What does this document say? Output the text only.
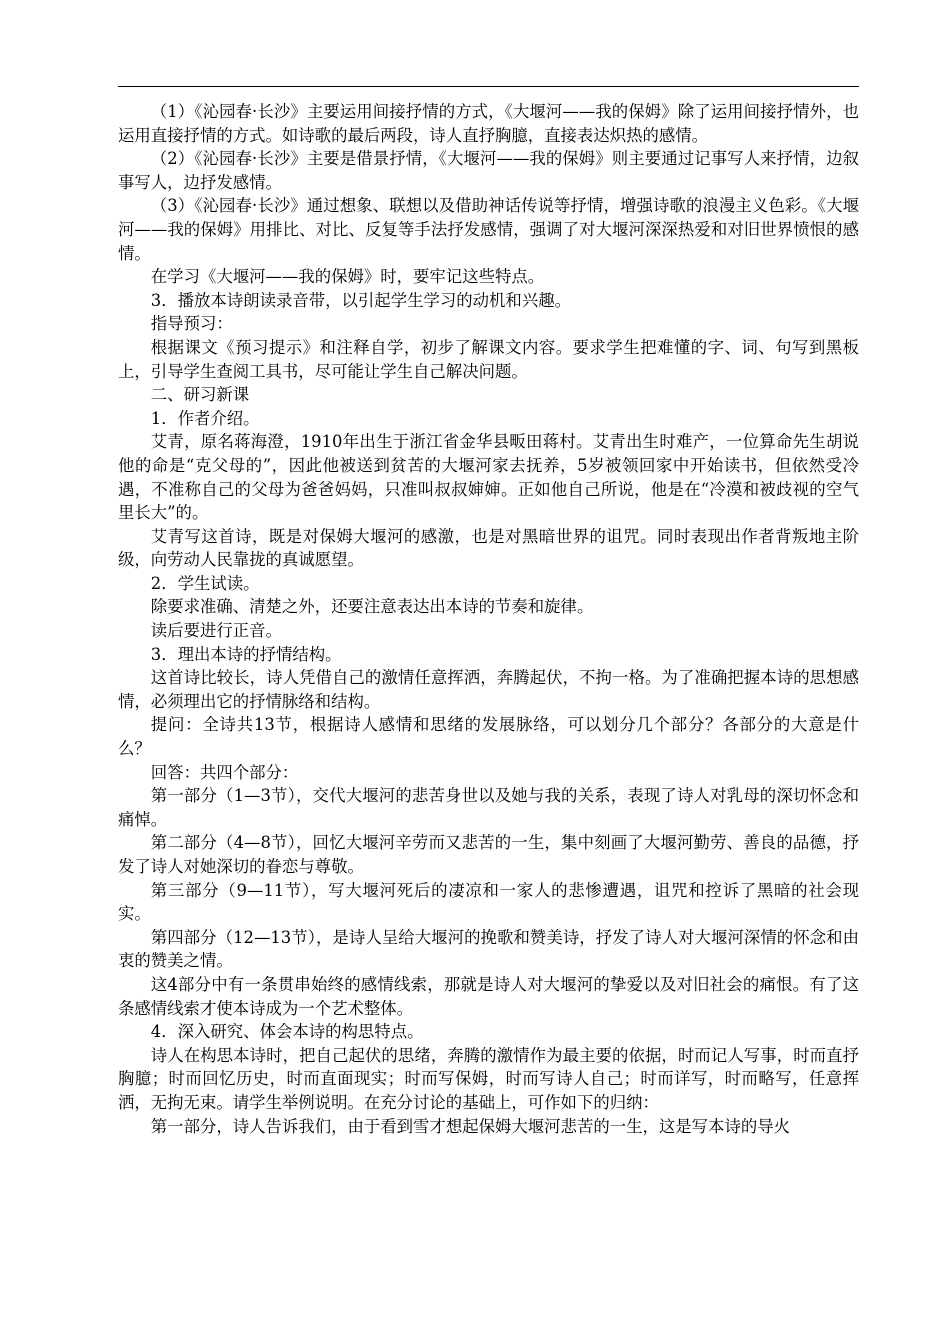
（1）《沁园春·长沙》主要运用间接抒情的方式，《大堰河——我的保姆》除了运用间接抒情外，也运用直接抒情的方式。如诗歌的最后两段，诗人直抒胸臆，直接表达炽热的感情。

（2）《沁园春·长沙》主要是借景抒情，《大堰河——我的保姆》则主要通过记事写人来抒情，边叙事写人，边抒发感情。

（3）《沁园春·长沙》通过想象、联想以及借助神话传说等抒情，增强诗歌的浪漫主义色彩。《大堰河——我的保姆》用排比、对比、反复等手法抒发感情，强调了对大堰河深深热爱和对旧世界愤恨的感情。

在学习《大堰河——我的保姆》时，要牢记这些特点。

3．播放本诗朗读录音带，以引起学生学习的动机和兴趣。

指导预习：

根据课文《预习提示》和注释自学，初步了解课文内容。要求学生把难懂的字、词、句写到黑板上，引导学生查阅工具书，尽可能让学生自己解决问题。

二、研习新课

1．作者介绍。

艾青，原名蒋海澄，1910年出生于浙江省金华县畈田蒋村。艾青出生时难产，一位算命先生胡说他的命是“克父母的”，因此他被送到贫苦的大堰河家去抚养，5岁被领回家中开始读书，但依然受冷遇，不准称自己的父母为爸爸妈妈，只准叫叔叔婶婶。正如他自己所说，他是在“冷漠和被歧视的空气里长大”的。

艾青写这首诗，既是对保姆大堰河的感激，也是对黑暗世界的诅咒。同时表现出作者背叛地主阶级，向劳动人民靠拢的真诚愿望。

2．学生试读。

除要求准确、清楚之外，还要注意表达出本诗的节奏和旋律。

读后要进行正音。

3．理出本诗的抒情结构。

这首诗比较长，诗人凭借自己的激情任意挥洒，奔腾起伏，不拘一格。为了准确把握本诗的思想感情，必须理出它的抒情脉络和结构。

提问：全诗共13节，根据诗人感情和思绪的发展脉络，可以划分几个部分？各部分的大意是什么？

回答：共四个部分：

第一部分（1—3节），交代大堰河的悲苦身世以及她与我的关系，表现了诗人对乳母的深切怀念和痛悼。

第二部分（4—8节），回忆大堰河辛劳而又悲苦的一生，集中刻画了大堰河勤劳、善良的品德，抒发了诗人对她深切的眷恋与尊敬。

第三部分（9—11节），写大堰河死后的凄凉和一家人的悲惨遭遇，诅咒和控诉了黑暗的社会现实。

第四部分（12—13节），是诗人呈给大堰河的挽歌和赞美诗，抒发了诗人对大堰河深情的怀念和由衷的赞美之情。

这4部分中有一条贯串始终的感情线索，那就是诗人对大堰河的挚爱以及对旧社会的痛恨。有了这条感情线索才使本诗成为一个艺术整体。

4．深入研究、体会本诗的构思特点。

诗人在构思本诗时，把自己起伏的思绪，奔腾的激情作为最主要的依据，时而记人写事，时而直抒胸臆；时而回忆历史，时而直面现实；时而写保姆，时而写诗人自己；时而详写，时而略写，任意挥洒，无拘无束。请学生举例说明。在充分讨论的基础上，可作如下的归纳：

第一部分，诗人告诉我们，由于看到雪才想起保姆大堰河悲苦的一生，这是写本诗的导火
